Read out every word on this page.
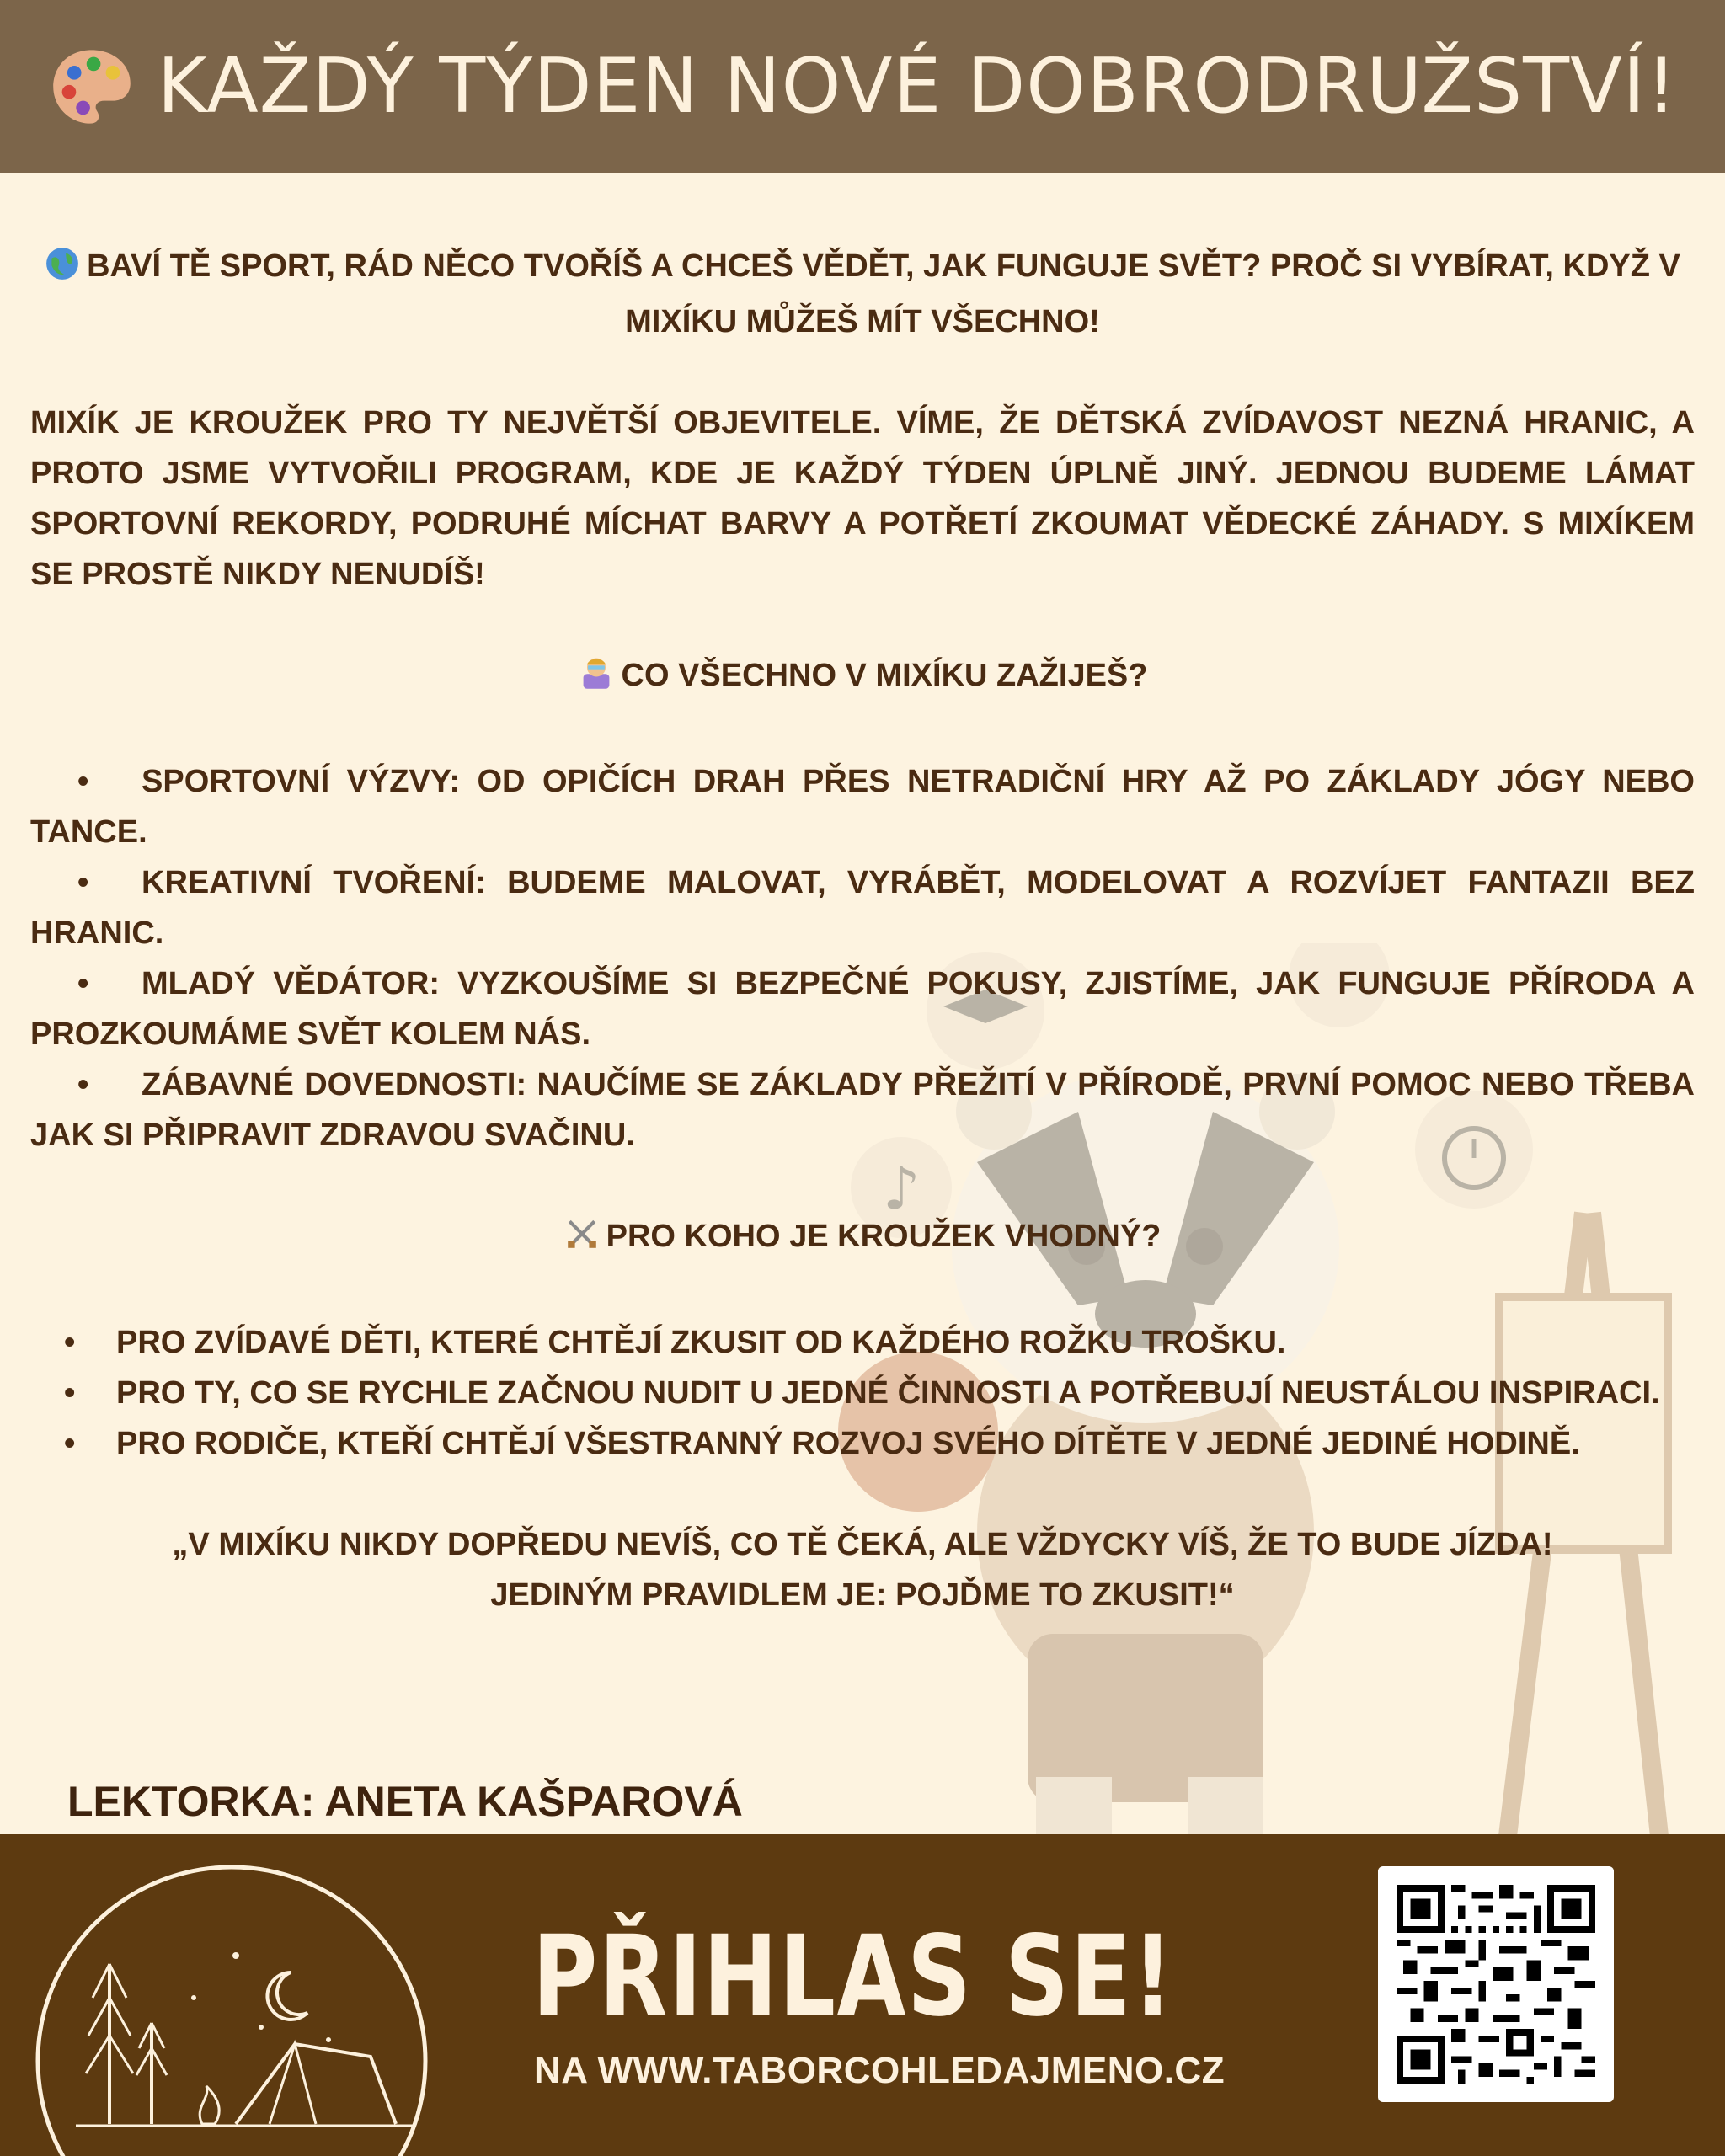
KAŽDÝ TÝDEN NOVÉ DOBRODRUŽSTVÍ!
♪
BAVÍ TĚ SPORT, RÁD NĚCO TVOŘÍŠ A CHCEŠ VĚDĚT, JAK FUNGUJE SVĚT? PROČ SI VYBÍRAT, KDYŽ V MIXÍKU MŮŽEŠ MÍT VŠECHNO!
MIXÍK JE KROUŽEK PRO TY NEJVĚTŠÍ OBJEVITELE. VÍME, ŽE DĚTSKÁ ZVÍDAVOST NEZNÁ HRANIC, A PROTO JSME VYTVOŘILI PROGRAM, KDE JE KAŽDÝ TÝDEN ÚPLNĚ JINÝ. JEDNOU BUDEME LÁMAT SPORTOVNÍ REKORDY, PODRUHÉ MÍCHAT BARVY A POTŘETÍ ZKOUMAT VĚDECKÉ ZÁHADY. S MIXÍKEM SE PROSTĚ NIKDY NENUDÍŠ!
CO VŠECHNO V MIXÍKU ZAŽIJEŠ?
• SPORTOVNÍ VÝZVY: OD OPIČÍCH DRAH PŘES NETRADIČNÍ HRY AŽ PO ZÁKLADY JÓGY NEBO TANCE.
• KREATIVNÍ TVOŘENÍ: BUDEME MALOVAT, VYRÁBĚT, MODELOVAT A ROZVÍJET FANTAZII BEZ HRANIC.
• MLADÝ VĚDÁTOR: VYZKOUŠÍME SI BEZPEČNÉ POKUSY, ZJISTÍME, JAK FUNGUJE PŘÍRODA A PROZKOUMÁME SVĚT KOLEM NÁS.
• ZÁBAVNÉ DOVEDNOSTI: NAUČÍME SE ZÁKLADY PŘEŽITÍ V PŘÍRODĚ, PRVNÍ POMOC NEBO TŘEBA JAK SI PŘIPRAVIT ZDRAVOU SVAČINU.
PRO KOHO JE KROUŽEK VHODNÝ?
•	PRO ZVÍDAVÉ DĚTI, KTERÉ CHTĚJÍ ZKUSIT OD KAŽDÉHO ROŽKU TROŠKU.
•	PRO TY, CO SE RYCHLE ZAČNOU NUDIT U JEDNÉ ČINNOSTI A POTŘEBUJÍ NEUSTÁLOU INSPIRACI.
•	PRO RODIČE, KTEŘÍ CHTĚJÍ VŠESTRANNÝ ROZVOJ SVÉHO DÍTĚTE V JEDNÉ JEDINÉ HODINĚ.
„V MIXÍKU NIKDY DOPŘEDU NEVÍŠ, CO TĚ ČEKÁ, ALE VŽDYCKY VÍŠ, ŽE TO BUDE JÍZDA! JEDINÝM PRAVIDLEM JE: POJĎME TO ZKUSIT!“
LEKTORKA: ANETA KAŠPAROVÁ
PŘIHLAS SE!
NA WWW.TABORCOHLEDAJMENO.CZ
